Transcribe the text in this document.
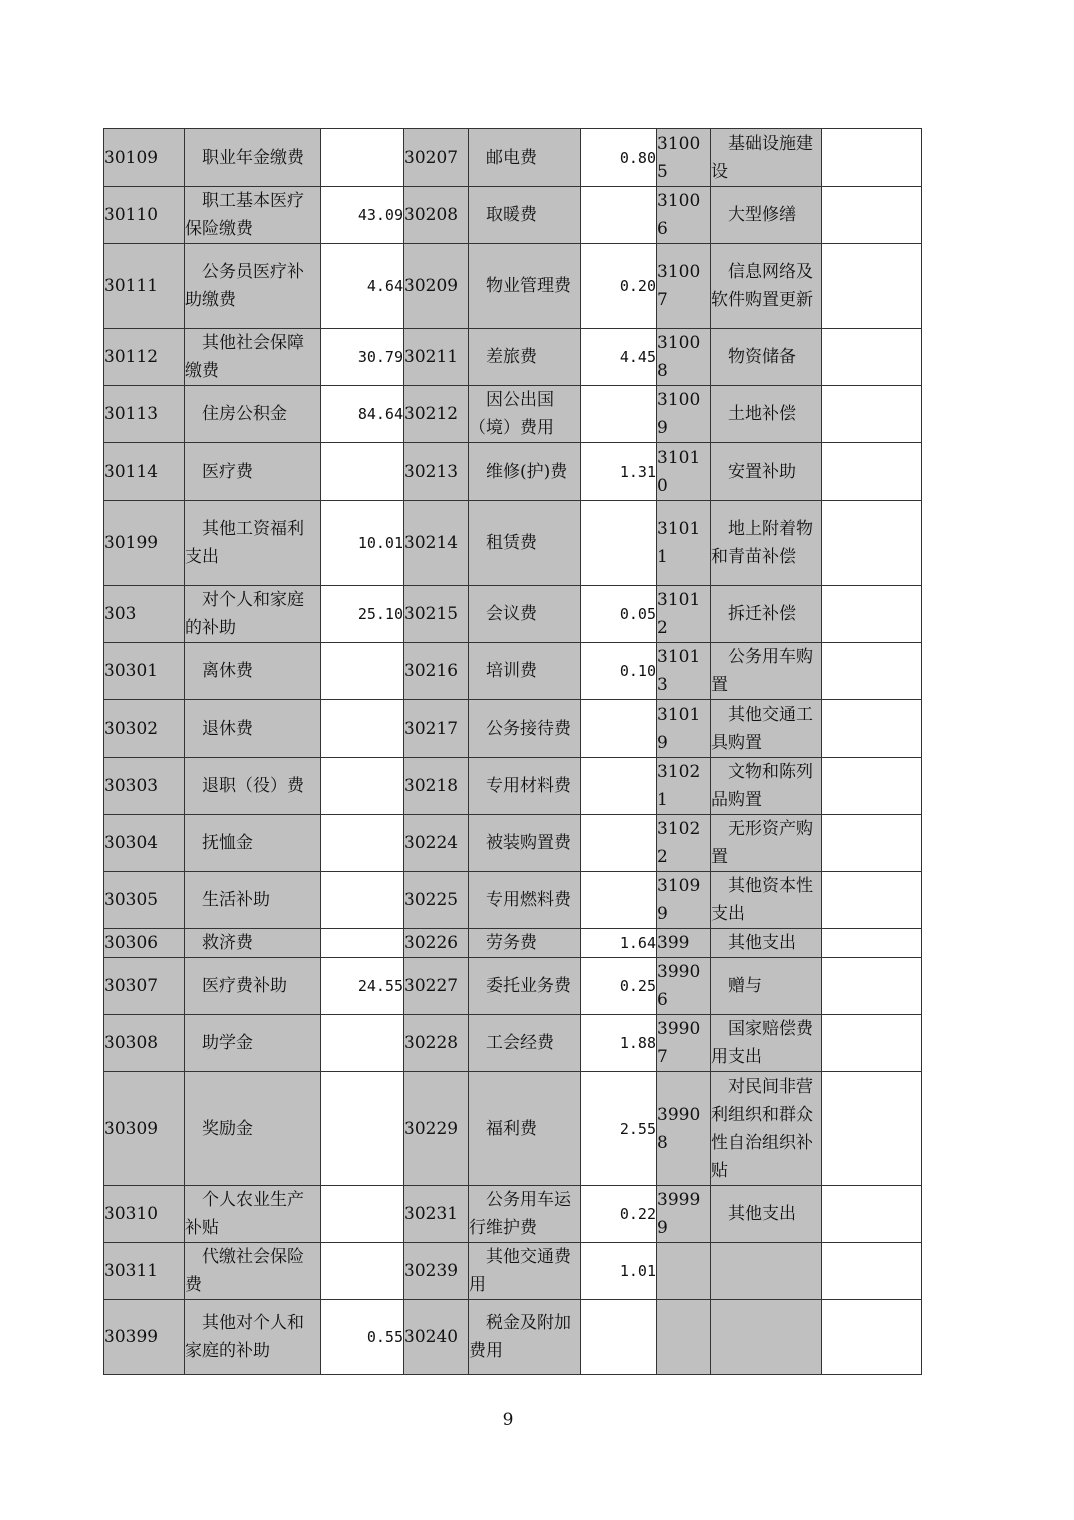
30109	职业年金缴费		30207	邮电费	0.80	31005	基础设施建设	

30110	职工基本医疗保险缴费	43.09	30208	取暖费		31006	大型修缮	

30111	公务员医疗补助缴费	4.64	30209	物业管理费	0.20	31007	信息网络及软件购置更新	

30112	其他社会保障缴费	30.79	30211	差旅费	4.45	31008	物资储备	

30113	住房公积金	84.64	30212	因公出国（境）费用		31009	土地补偿	

30114	医疗费		30213	维修(护)费	1.31	31010	安置补助	

30199	其他工资福利支出	10.01	30214	租赁费		31011	地上附着物和青苗补偿	

303	对个人和家庭的补助	25.10	30215	会议费	0.05	31012	拆迁补偿	

30301	离休费		30216	培训费	0.10	31013	公务用车购置	

30302	退休费		30217	公务接待费		31019	其他交通工具购置	

30303	退职（役）费		30218	专用材料费		31021	文物和陈列品购置	

30304	抚恤金		30224	被装购置费		31022	无形资产购置	

30305	生活补助		30225	专用燃料费		31099	其他资本性支出	

30306	救济费		30226	劳务费	1.64	399	其他支出	

30307	医疗费补助	24.55	30227	委托业务费	0.25	39906	赠与	

30308	助学金		30228	工会经费	1.88	39907	国家赔偿费用支出	

30309	奖励金		30229	福利费	2.55	39908	对民间非营利组织和群众性自治组织补贴	

30310	个人农业生产补贴		30231	公务用车运行维护费	0.22	39999	其他支出	

30311	代缴社会保险费		30239	其他交通费用	1.01		

30399	其他对个人和家庭的补助	0.55	30240	税金及附加费用				

9
